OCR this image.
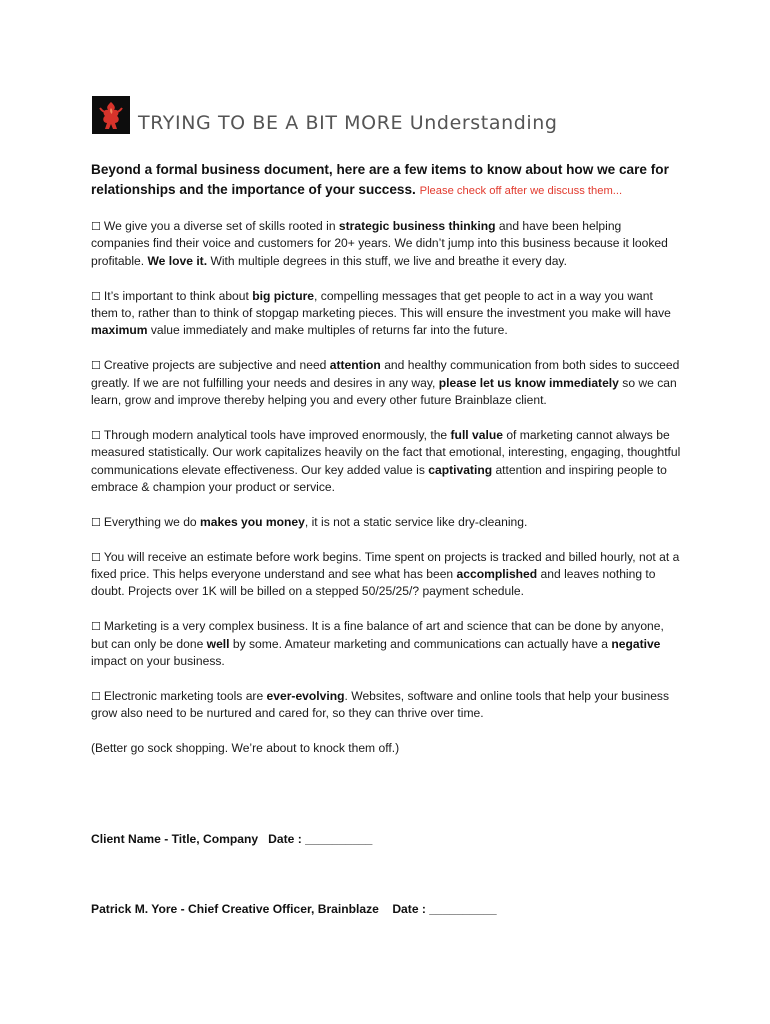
TRYING TO BE A BIT MORE Understanding
Beyond a formal business document, here are a few items to know about how we care for relationships and the importance of your success. Please check off after we discuss them...

☐ We give you a diverse set of skills rooted in strategic business thinking and have been helping companies find their voice and customers for 20+ years. We didn’t jump into this business because it looked profitable. We love it. With multiple degrees in this stuff, we live and breathe it every day.

☐ It’s important to think about big picture, compelling messages that get people to act in a way you want them to, rather than to think of stopgap marketing pieces. This will ensure the investment you make will have maximum value immediately and make multiples of returns far into the future.

☐ Creative projects are subjective and need attention and healthy communication from both sides to succeed greatly. If we are not fulfilling your needs and desires in any way, please let us know immediately so we can learn, grow and improve thereby helping you and every other future Brainblaze client.

☐ Through modern analytical tools have improved enormously, the full value of marketing cannot always be measured statistically. Our work capitalizes heavily on the fact that emotional, interesting, engaging, thoughtful communications elevate effectiveness. Our key added value is captivating attention and inspiring people to embrace & champion your product or service.

☐ Everything we do makes you money, it is not a static service like dry-cleaning.

☐ You will receive an estimate before work begins. Time spent on projects is tracked and billed hourly, not at a fixed price. This helps everyone understand and see what has been accomplished and leaves nothing to doubt. Projects over 1K will be billed on a stepped 50/25/25/? payment schedule.

☐ Marketing is a very complex business. It is a fine balance of art and science that can be done by anyone, but can only be done well by some. Amateur marketing and communications can actually have a negative impact on your business.

☐ Electronic marketing tools are ever-evolving. Websites, software and online tools that help your business grow also need to be nurtured and cared for, so they can thrive over time.

(Better go sock shopping. We’re about to knock them off.)

Client Name - Title, Company   Date : __________
Patrick M. Yore - Chief Creative Officer, Brainblaze    Date : __________
